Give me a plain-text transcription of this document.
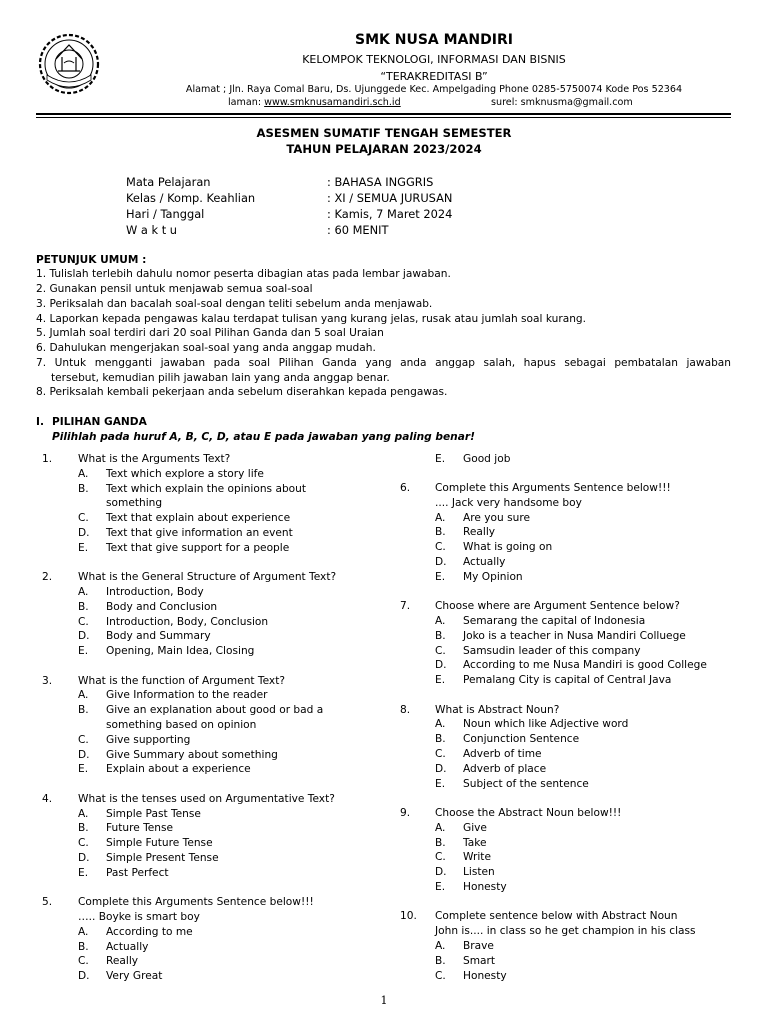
SMK NUSA MANDIRI
KELOMPOK TEKNOLOGI, INFORMASI DAN BISNIS
“TERAKREDITASI B”
Alamat ; Jln. Raya Comal Baru, Ds. Ujunggede Kec. Ampelgading Phone 0285-5750074 Kode Pos 52364
laman: www.smknusamandiri.sch.id	surel: smknusma@gmail.com
ASESMEN SUMATIF TENGAH SEMESTER
TAHUN PELAJARAN 2023/2024
Mata Pelajaran	: BAHASA INGGRIS
Kelas / Komp. Keahlian	: XI / SEMUA JURUSAN
Hari / Tanggal	: Kamis, 7 Maret 2024
W a k t u	: 60 MENIT
PETUNJUK UMUM :
1. Tulislah terlebih dahulu nomor peserta dibagian atas pada lembar jawaban.
2. Gunakan pensil untuk menjawab semua soal-soal
3. Periksalah dan bacalah soal-soal dengan teliti sebelum anda menjawab.
4. Laporkan kepada pengawas kalau terdapat tulisan yang kurang jelas, rusak atau jumlah soal kurang.
5. Jumlah soal terdiri dari 20 soal Pilihan Ganda dan 5 soal Uraian
6. Dahulukan mengerjakan soal-soal yang anda anggap mudah.
7. Untuk mengganti jawaban pada soal Pilihan Ganda yang anda anggap salah, hapus sebagai pembatalan jawaban
tersebut, kemudian pilih jawaban lain yang anda anggap benar.
8. Periksalah kembali pekerjaan anda sebelum diserahkan kepada pengawas.
I. PILIHAN GANDA
Pilihlah pada huruf A, B, C, D, atau E pada jawaban yang paling benar!
E. Good job
1. What is the Arguments Text?
A. Text which explore a story life
B. Text which explain the opinions about
something
C. Text that explain about experience
D. Text that give information an event
E. Text that give support for a people
2. What is the General Structure of Argument Text?
A. Introduction, Body
B. Body and Conclusion
C. Introduction, Body, Conclusion
D. Body and Summary
E. Opening, Main Idea, Closing
3. What is the function of Argument Text?
A. Give Information to the reader
B. Give an explanation about good or bad a
something based on opinion
C. Give supporting
D. Give Summary about something
E. Explain about a experience
4. What is the tenses used on Argumentative Text?
A. Simple Past Tense
B. Future Tense
C. Simple Future Tense
D. Simple Present Tense
E. Past Perfect
5. Complete this Arguments Sentence below!!!
….. Boyke is smart boy
A. According to me
B. Actually
C. Really
D. Very Great
6. Complete this Arguments Sentence below!!!
.... Jack very handsome boy
A. Are you sure
B. Really
C. What is going on
D. Actually
E. My Opinion
7. Choose where are Argument Sentence below?
A. Semarang the capital of Indonesia
B. Joko is a teacher in Nusa Mandiri Colluege
C. Samsudin leader of this company
D. According to me Nusa Mandiri is good College
E. Pemalang City is capital of Central Java
8. What is Abstract Noun?
A. Noun which like Adjective word
B. Conjunction Sentence
C. Adverb of time
D. Adverb of place
E. Subject of the sentence
9. Choose the Abstract Noun below!!!
A. Give
B. Take
C. Write
D. Listen
E. Honesty
10. Complete sentence below with Abstract Noun
John is.... in class so he get champion in his class
A. Brave
B. Smart
C. Honesty
1
